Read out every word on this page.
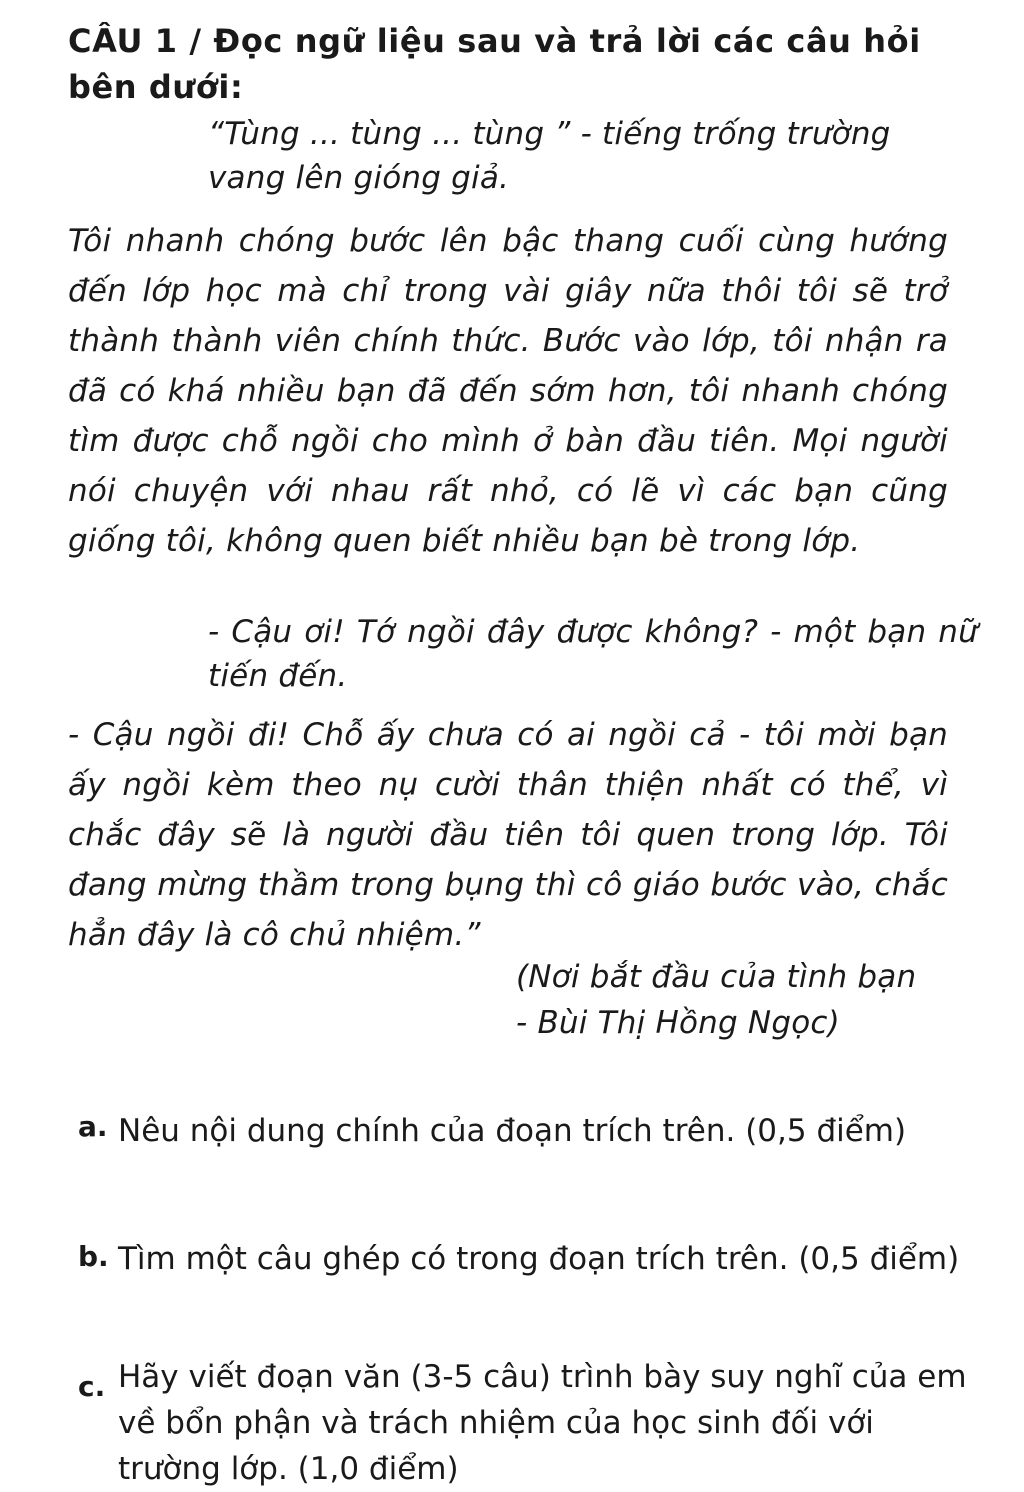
CÂU 1 / Đọc ngữ liệu sau và trả lời các câu hỏi bên dưới:

“Tùng ... tùng ... tùng ” - tiếng trống trường vang lên gióng giả.

Tôi nhanh chóng bước lên bậc thang cuối cùng hướng đến lớp học mà chỉ trong vài giây nữa thôi tôi sẽ trở thành thành viên chính thức. Bước vào lớp, tôi nhận ra đã có khá nhiều bạn đã đến sớm hơn, tôi nhanh chóng tìm được chỗ ngồi cho mình ở bàn đầu tiên. Mọi người nói chuyện với nhau rất nhỏ, có lẽ vì các bạn cũng giống tôi, không quen biết nhiều bạn bè trong lớp.

- Cậu ơi! Tớ ngồi đây được không? - một bạn nữ tiến đến.

- Cậu ngồi đi! Chỗ ấy chưa có ai ngồi cả - tôi mời bạn ấy ngồi kèm theo nụ cười thân thiện nhất có thể, vì chắc đây sẽ là người đầu tiên tôi quen trong lớp. Tôi đang mừng thầm trong bụng thì cô giáo bước vào, chắc hẳn đây là cô chủ nhiệm.”

(Nơi bắt đầu của tình bạn
- Bùi Thị Hồng Ngọc)
a. Nêu nội dung chính của đoạn trích trên. (0,5 điểm)
b. Tìm một câu ghép có trong đoạn trích trên. (0,5 điểm)
c. Hãy viết đoạn văn (3-5 câu) trình bày suy nghĩ của em về bổn phận và trách nhiệm của học sinh đối với trường lớp. (1,0 điểm)
